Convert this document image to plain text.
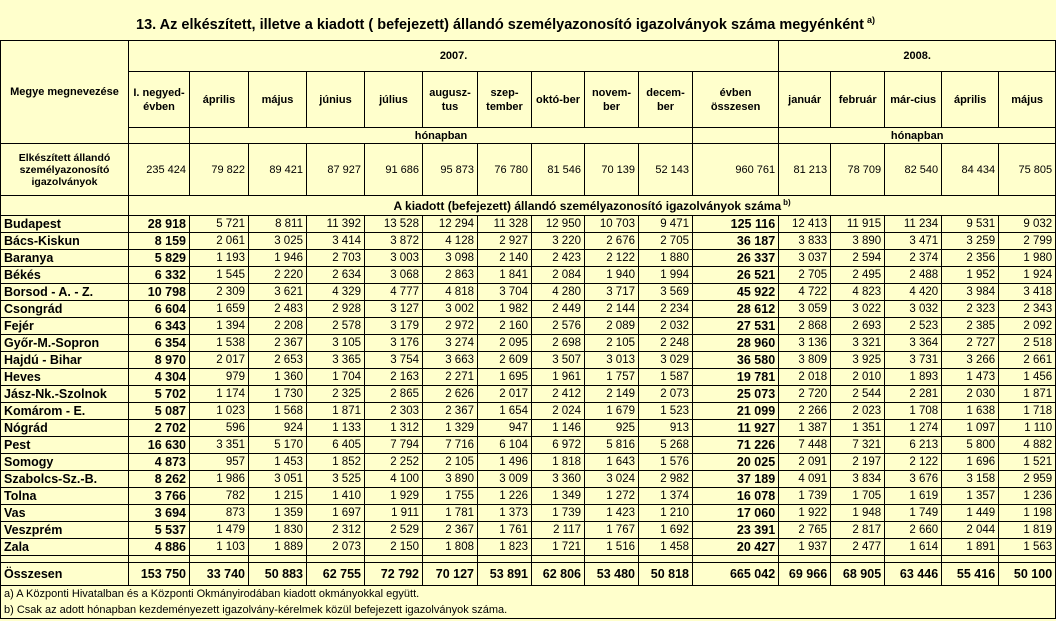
13. Az elkészített, illetve a kiadott ( befejezett) állandó személyazonosító igazolványok száma megyénként $^{a)}$
Megye megnevezése	2007.											2008.				
	I. negyed-évben	április	május	június	július	augusz-tus	szep-tember	októ-ber	novem-ber	decem-ber	évben összesen	január	február	már-cius	április	május
		hónapban										hónapban				
Elkészített állandó személyazonosító igazolványok	235 424	79 822	89 421	87 927	91 686	95 873	76 780	81 546	70 139	52 143	960 761	81 213	78 709	82 540	84 434	75 805
	A kiadott (befejezett) állandó személyazonosító igazolványok száma $^{b)}$
Budapest	28 918	5 721	8 811	11 392	13 528	12 294	11 328	12 950	10 703	9 471	125 116	12 413	11 915	11 234	9 531	9 032
Bács-Kiskun	8 159	2 061	3 025	3 414	3 872	4 128	2 927	3 220	2 676	2 705	36 187	3 833	3 890	3 471	3 259	2 799
Baranya	5 829	1 193	1 946	2 703	3 003	3 098	2 140	2 423	2 122	1 880	26 337	3 037	2 594	2 374	2 356	1 980
Békés	6 332	1 545	2 220	2 634	3 068	2 863	1 841	2 084	1 940	1 994	26 521	2 705	2 495	2 488	1 952	1 924
Borsod - A. - Z.	10 798	2 309	3 621	4 329	4 777	4 818	3 704	4 280	3 717	3 569	45 922	4 722	4 823	4 420	3 984	3 418
Csongrád	6 604	1 659	2 483	2 928	3 127	3 002	1 982	2 449	2 144	2 234	28 612	3 059	3 022	3 032	2 323	2 343
Fejér	6 343	1 394	2 208	2 578	3 179	2 972	2 160	2 576	2 089	2 032	27 531	2 868	2 693	2 523	2 385	2 092
Győr-M.-Sopron	6 354	1 538	2 367	3 105	3 176	3 274	2 095	2 698	2 105	2 248	28 960	3 136	3 321	3 364	2 727	2 518
Hajdú - Bihar	8 970	2 017	2 653	3 365	3 754	3 663	2 609	3 507	3 013	3 029	36 580	3 809	3 925	3 731	3 266	2 661
Heves	4 304	979	1 360	1 704	2 163	2 271	1 695	1 961	1 757	1 587	19 781	2 018	2 010	1 893	1 473	1 456
Jász-Nk.-Szolnok	5 702	1 174	1 730	2 325	2 865	2 626	2 017	2 412	2 149	2 073	25 073	2 720	2 544	2 281	2 030	1 871
Komárom - E.	5 087	1 023	1 568	1 871	2 303	2 367	1 654	2 024	1 679	1 523	21 099	2 266	2 023	1 708	1 638	1 718
Nógrád	2 702	596	924	1 133	1 312	1 329	947	1 146	925	913	11 927	1 387	1 351	1 274	1 097	1 110
Pest	16 630	3 351	5 170	6 405	7 794	7 716	6 104	6 972	5 816	5 268	71 226	7 448	7 321	6 213	5 800	4 882
Somogy	4 873	957	1 453	1 852	2 252	2 105	1 496	1 818	1 643	1 576	20 025	2 091	2 197	2 122	1 696	1 521
Szabolcs-Sz.-B.	8 262	1 986	3 051	3 525	4 100	3 890	3 009	3 360	3 024	2 982	37 189	4 091	3 834	3 676	3 158	2 959
Tolna	3 766	782	1 215	1 410	1 929	1 755	1 226	1 349	1 272	1 374	16 078	1 739	1 705	1 619	1 357	1 236
Vas	3 694	873	1 359	1 697	1 911	1 781	1 373	1 739	1 423	1 210	17 060	1 922	1 948	1 749	1 449	1 198
Veszprém	5 537	1 479	1 830	2 312	2 529	2 367	1 761	2 117	1 767	1 692	23 391	2 765	2 817	2 660	2 044	1 819
Zala	4 886	1 103	1 889	2 073	2 150	1 808	1 823	1 721	1 516	1 458	20 427	1 937	2 477	1 614	1 891	1 563

Összesen	153 750	33 740	50 883	62 755	72 792	70 127	53 891	62 806	53 480	50 818	665 042	69 966	68 905	63 446	55 416	50 100
a) A Központi Hivatalban és a Központi Okmányirodában kiadott okmányokkal együtt.																
b) Csak az adott hónapban kezdeményezett igazolvány-kérelmek közül befejezett igazolványok száma.																
